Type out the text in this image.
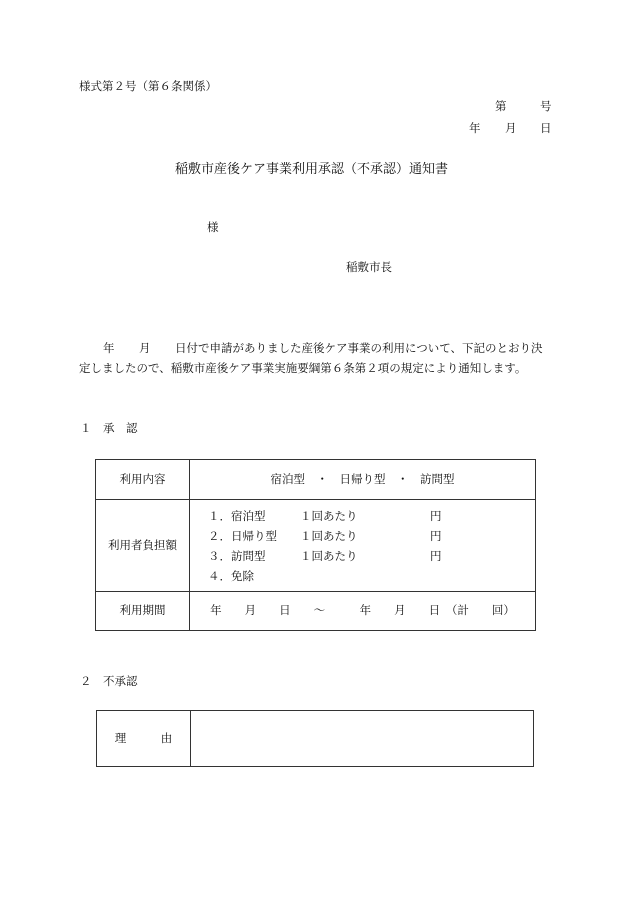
様式第２号（第６条関係）
第	号
年 月 日
稲敷市産後ケア事業利用承認（不承認）通知書
様
稲敷市長
年 月 日付で申請がありました産後ケア事業の利用について、下記のとおり決
定しましたので、稲敷市産後ケア事業実施要綱第６条第２項の規定により通知します。
１　承　認
利用内容	宿泊型　・　日帰り型　・　訪問型
利用者負担額	１．宿泊型 １回あたり 円
２．日帰り型 １回あたり 円
３．訪問型 １回あたり 円
４．免除

利用期間	年　　月　　日　　～　　　年　　月　　日　（計　　回）
２　不承認
理　　　由	
